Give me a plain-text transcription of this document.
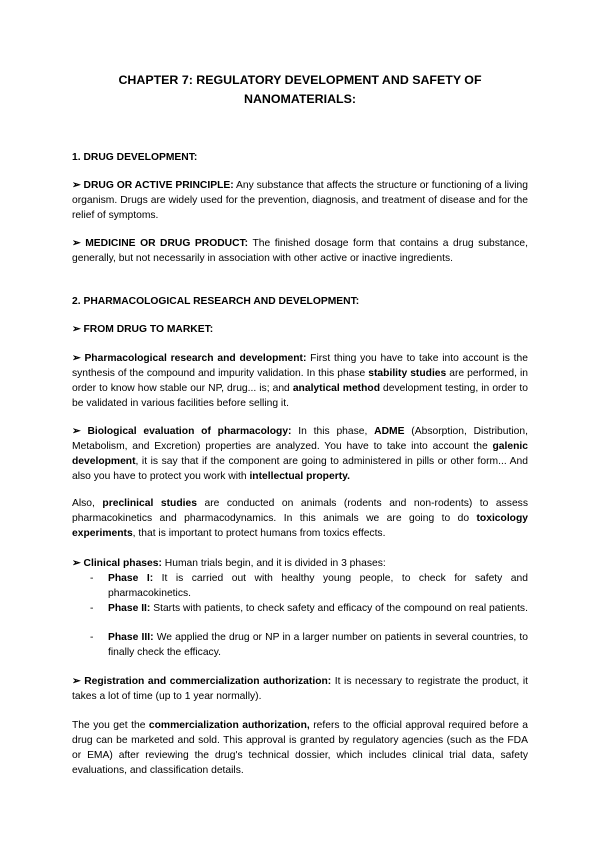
CHAPTER 7: REGULATORY DEVELOPMENT AND SAFETY OF
NANOMATERIALS:

1. DRUG DEVELOPMENT:

➢ DRUG OR ACTIVE PRINCIPLE: Any substance that affects the structure or functioning of a living organism. Drugs are widely used for the prevention, diagnosis, and treatment of disease and for the relief of symptoms.

➢ MEDICINE OR DRUG PRODUCT: The finished dosage form that contains a drug substance, generally, but not necessarily in association with other active or inactive ingredients.

2. PHARMACOLOGICAL RESEARCH AND DEVELOPMENT:

➢ FROM DRUG TO MARKET:

➢ Pharmacological research and development: First thing you have to take into account is the synthesis of the compound and impurity validation. In this phase stability studies are performed, in order to know how stable our NP, drug... is; and analytical method development testing, in order to be validated in various facilities before selling it.

➢ Biological evaluation of pharmacology: In this phase, ADME (Absorption, Distribution, Metabolism, and Excretion) properties are analyzed. You have to take into account the galenic development, it is say that if the component are going to administered in pills or other form... And also you have to protect you work with intellectual property.

Also, preclinical studies are conducted on animals (rodents and non-rodents) to assess pharmacokinetics and pharmacodynamics. In this animals we are going to do toxicology experiments, that is important to protect humans from toxics effects.

➢ Clinical phases: Human trials begin, and it is divided in 3 phases:

- Phase I: It is carried out with healthy young people, to check for safety and pharmacokinetics.
- Phase II: Starts with patients, to check safety and efficacy of the compound on real patients.
- Phase III: We applied the drug or NP in a larger number on patients in several countries, to finally check the efficacy.

➢ Registration and commercialization authorization: It is necessary to registrate the product, it takes a lot of time (up to 1 year normally).

The you get the commercialization authorization, refers to the official approval required before a drug can be marketed and sold. This approval is granted by regulatory agencies (such as the FDA or EMA) after reviewing the drug's technical dossier, which includes clinical trial data, safety evaluations, and classification details.
